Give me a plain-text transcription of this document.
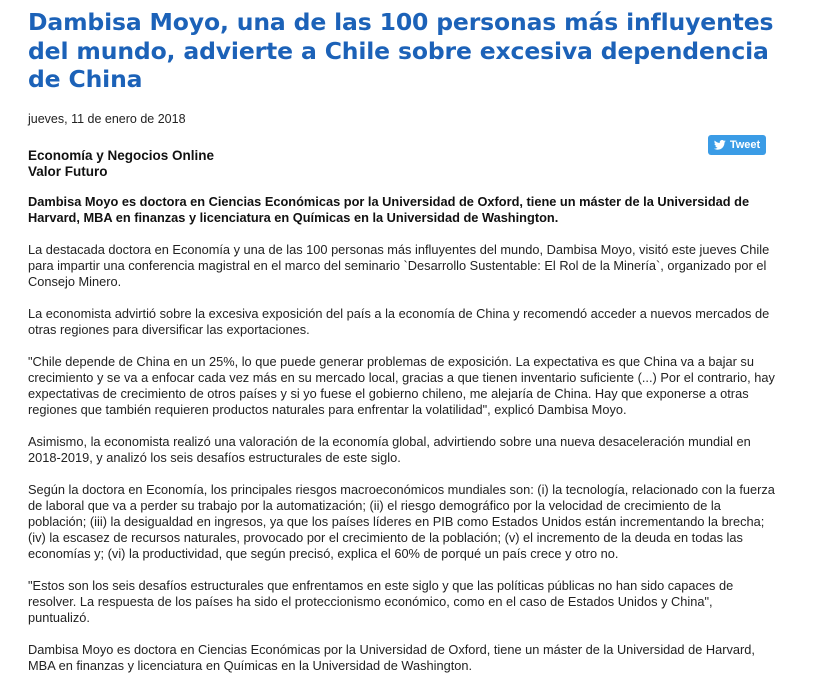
Dambisa Moyo, una de las 100 personas más influyentes del mundo, advierte a Chile sobre excesiva dependencia de China

jueves, 11 de enero de 2018

Tweet
Economía y Negocios Online
Valor Futuro

Dambisa Moyo es doctora en Ciencias Económicas por la Universidad de Oxford, tiene un máster de la Universidad de Harvard, MBA en finanzas y licenciatura en Químicas en la Universidad de Washington.

La destacada doctora en Economía y una de las 100 personas más influyentes del mundo, Dambisa Moyo, visitó este jueves Chile para impartir una conferencia magistral en el marco del seminario `Desarrollo Sustentable: El Rol de la Minería`, organizado por el Consejo Minero.

La economista advirtió sobre la excesiva exposición del país a la economía de China y recomendó acceder a nuevos mercados de otras regiones para diversificar las exportaciones.

"Chile depende de China en un 25%, lo que puede generar problemas de exposición. La expectativa es que China va a bajar su crecimiento y se va a enfocar cada vez más en su mercado local, gracias a que tienen inventario suficiente (...) Por el contrario, hay expectativas de crecimiento de otros países y si yo fuese el gobierno chileno, me alejaría de China. Hay que exponerse a otras regiones que también requieren productos naturales para enfrentar la volatilidad", explicó Dambisa Moyo.

Asimismo, la economista realizó una valoración de la economía global, advirtiendo sobre una nueva desaceleración mundial en 2018-2019, y analizó los seis desafíos estructurales de este siglo.

Según la doctora en Economía, los principales riesgos macroeconómicos mundiales son: (i) la tecnología, relacionado con la fuerza de laboral que va a perder su trabajo por la automatización; (ii) el riesgo demográfico por la velocidad de crecimiento de la población; (iii) la desigualdad en ingresos, ya que los países líderes en PIB como Estados Unidos están incrementando la brecha; (iv) la escasez de recursos naturales, provocado por el crecimiento de la población; (v) el incremento de la deuda en todas las economías y; (vi) la productividad, que según precisó, explica el 60% de porqué un país crece y otro no.

"Estos son los seis desafíos estructurales que enfrentamos en este siglo y que las políticas públicas no han sido capaces de resolver. La respuesta de los países ha sido el proteccionismo económico, como en el caso de Estados Unidos y China", puntualizó.

Dambisa Moyo es doctora en Ciencias Económicas por la Universidad de Oxford, tiene un máster de la Universidad de Harvard, MBA en finanzas y licenciatura en Químicas en la Universidad de Washington.
